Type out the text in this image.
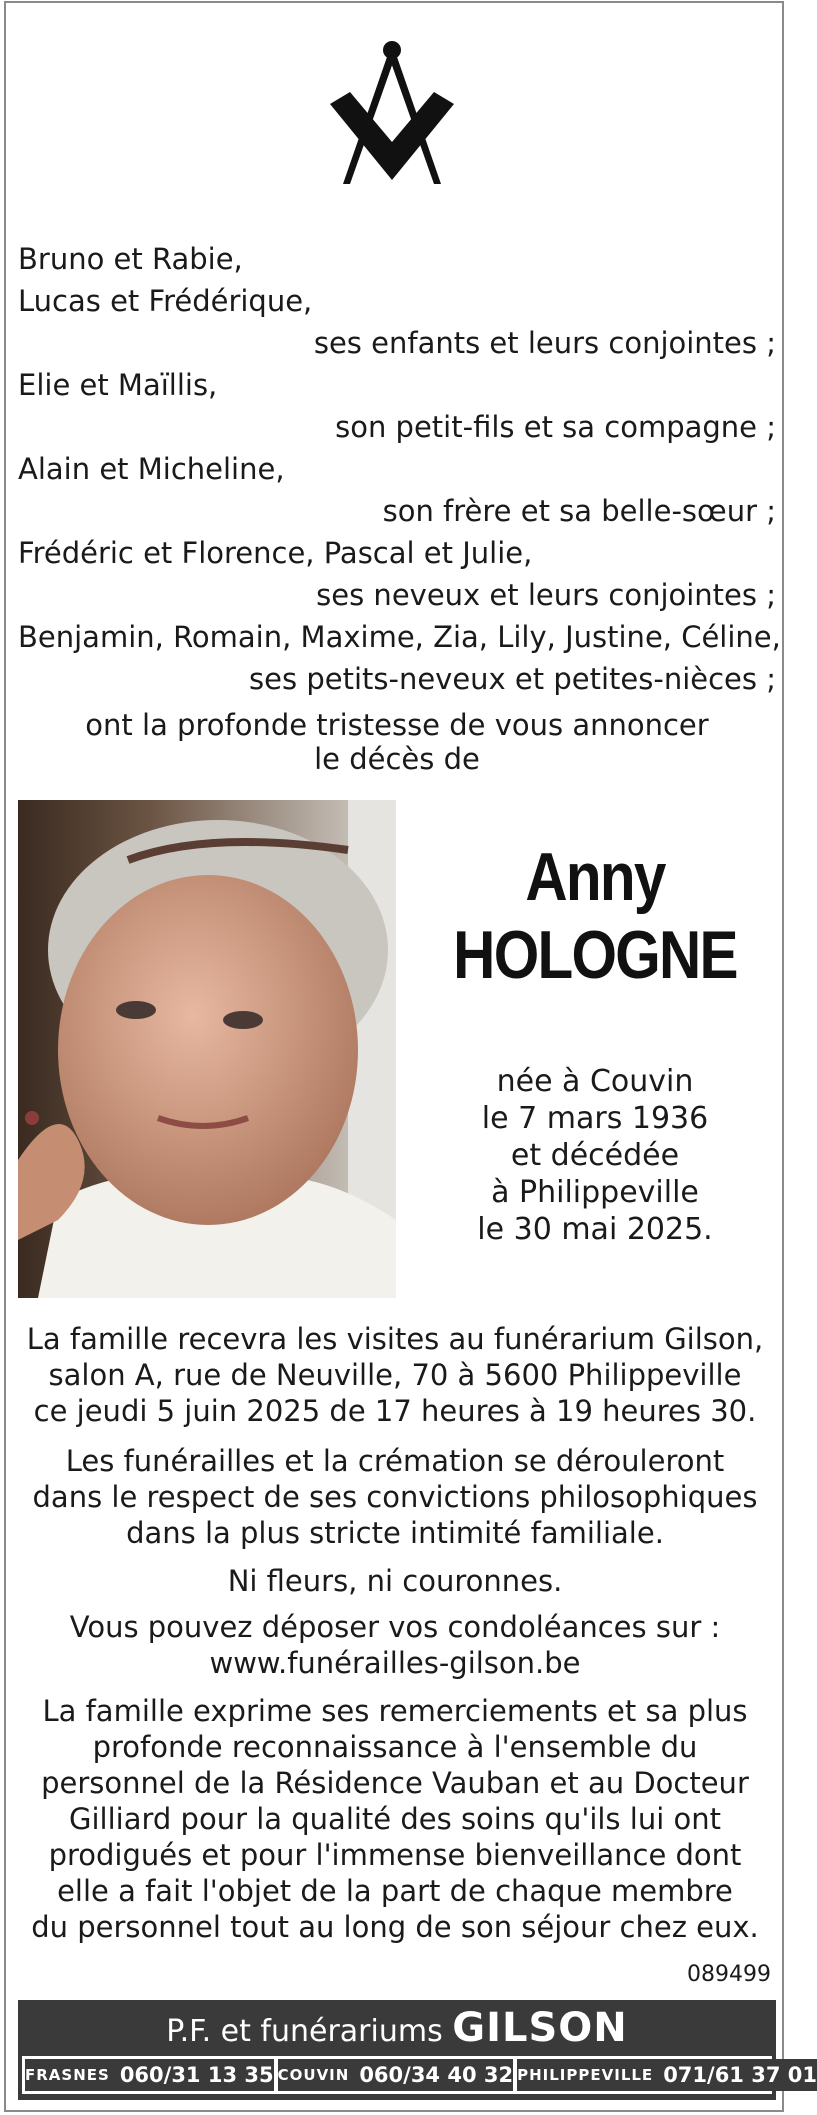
Bruno et Rabie,
Lucas et Frédérique,
ses enfants et leurs conjointes ;
Elie et Maïllis,
son petit-fils et sa compagne ;
Alain et Micheline,
son frère et sa belle-sœur ;
Frédéric et Florence, Pascal et Julie,
ses neveux et leurs conjointes ;
Benjamin, Romain, Maxime, Zia, Lily, Justine, Céline,
ses petits-neveux et petites-nièces ;
ont la profonde tristesse de vous annoncer
le décès de
Anny
HOLOGNE
née à Couvin
le 7 mars 1936
et décédée
à Philippeville
le 30 mai 2025.
La famille recevra les visites au funérarium Gilson,
salon A, rue de Neuville, 70 à 5600 Philippeville
ce jeudi 5 juin 2025 de 17 heures à 19 heures 30.
Les funérailles et la crémation se dérouleront
dans le respect de ses convictions philosophiques
dans la plus stricte intimité familiale.
Ni fleurs, ni couronnes.
Vous pouvez déposer vos condoléances sur :
www.funérailles-gilson.be
La famille exprime ses remerciements et sa plus
profonde reconnaissance à l'ensemble du
personnel de la Résidence Vauban et au Docteur
Gilliard pour la qualité des soins qu'ils lui ont
prodigués et pour l'immense bienveillance dont
elle a fait l'objet de la part de chaque membre
du personnel tout au long de son séjour chez eux.
089499
P.F. et funérariums GILSON
FRASNES 060/31 13 35 COUVIN 060/34 40 32 PHILIPPEVILLE 071/61 37 01
